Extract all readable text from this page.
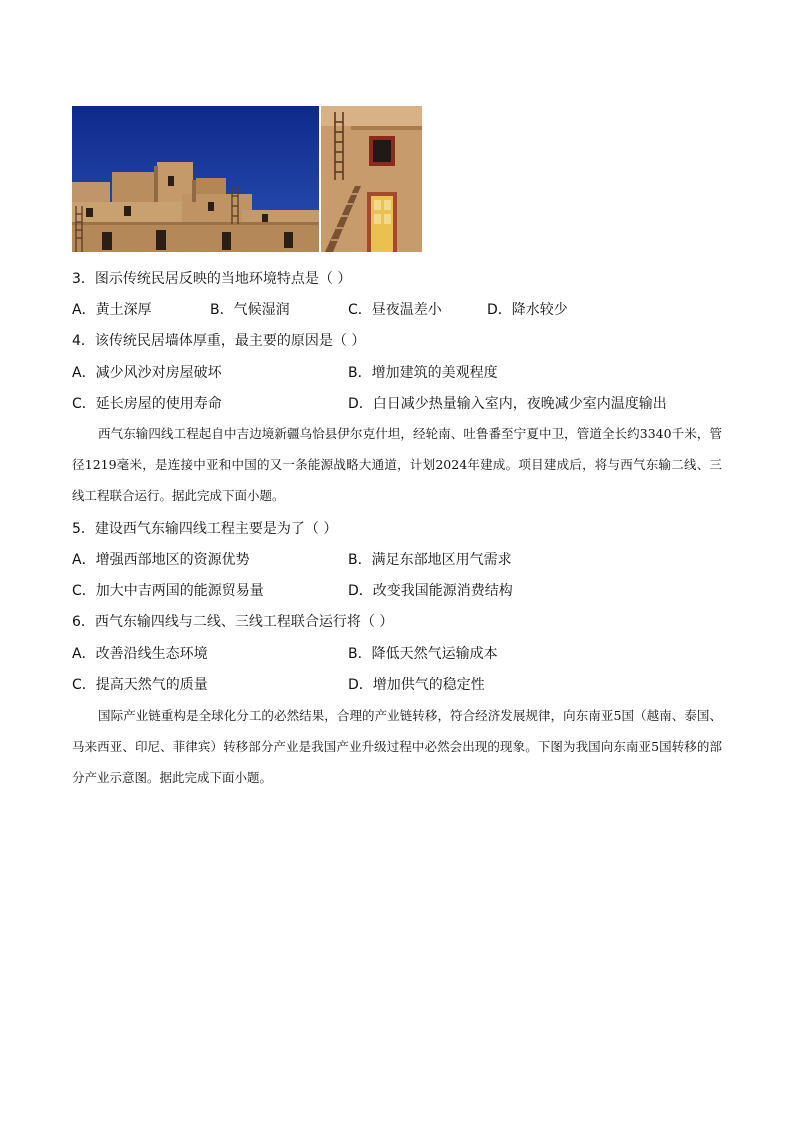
3．图示传统民居反映的当地环境特点是（ ）
A．黄土深厚	B．气候湿润	C．昼夜温差小	D．降水较少
4．该传统民居墙体厚重，最主要的原因是（ ）
A．减少风沙对房屋破坏	B．增加建筑的美观程度
C．延长房屋的使用寿命	D．白日减少热量输入室内，夜晚减少室内温度输出

西气东输四线工程起自中吉边境新疆乌恰县伊尔克什坦，经轮南、吐鲁番至宁夏中卫，管道全长约3340千米，管径1219毫米，是连接中亚和中国的又一条能源战略大通道，计划2024年建成。项目建成后，将与西气东输二线、三线工程联合运行。据此完成下面小题。

5．建设西气东输四线工程主要是为了（ ）
A．增强西部地区的资源优势	B．满足东部地区用气需求
C．加大中吉两国的能源贸易量	D．改变我国能源消费结构
6．西气东输四线与二线、三线工程联合运行将（ ）
A．改善沿线生态环境	B．降低天然气运输成本
C．提高天然气的质量	D．增加供气的稳定性

国际产业链重构是全球化分工的必然结果，合理的产业链转移，符合经济发展规律，向东南亚5国（越南、泰国、马来西亚、印尼、菲律宾）转移部分产业是我国产业升级过程中必然会出现的现象。下图为我国向东南亚5国转移的部分产业示意图。据此完成下面小题。
